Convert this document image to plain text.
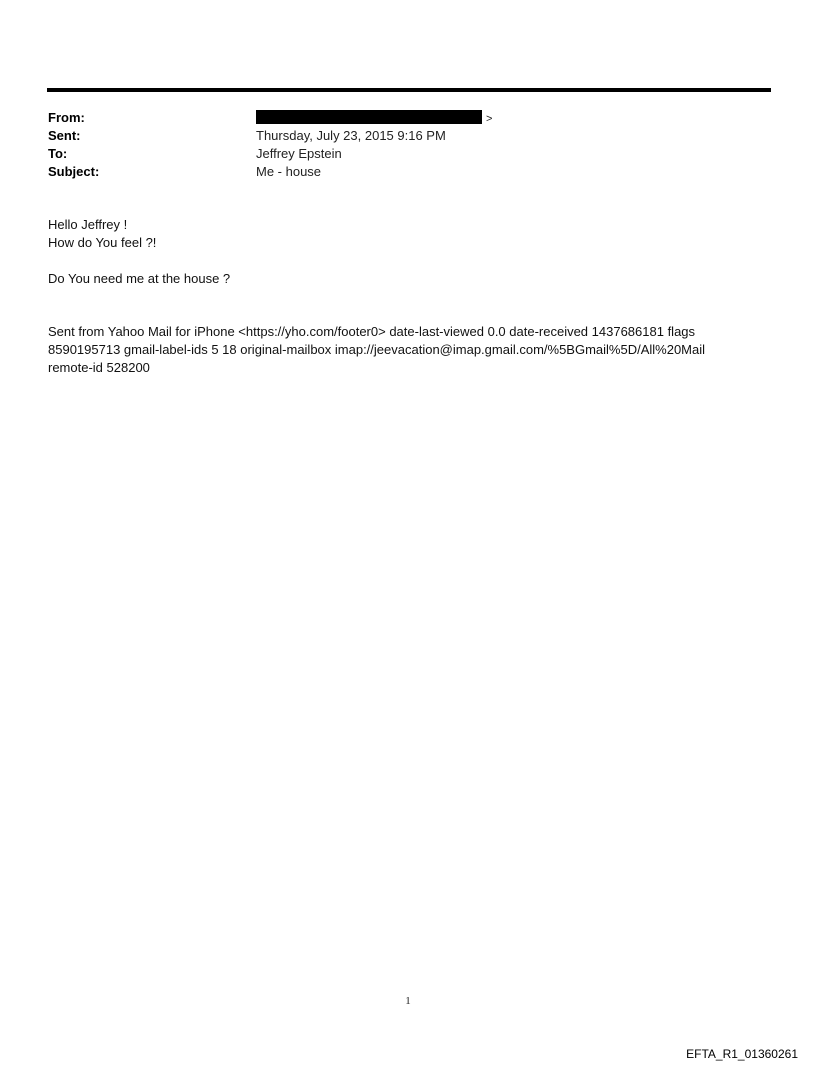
From:	>
Sent:	Thursday, July 23, 2015 9:16 PM
To:	Jeffrey Epstein
Subject:	Me - house
Hello Jeffrey !
How do You feel ?!
Do You need me at the house ?
Sent from Yahoo Mail for iPhone <https://yho.com/footer0> date-last-viewed 0.0 date-received 1437686181 flags 8590195713 gmail-label-ids 5 18 original-mailbox imap://jeevacation@imap.gmail.com/%5BGmail%5D/All%20Mail remote-id 528200
1
EFTA_R1_01360261
